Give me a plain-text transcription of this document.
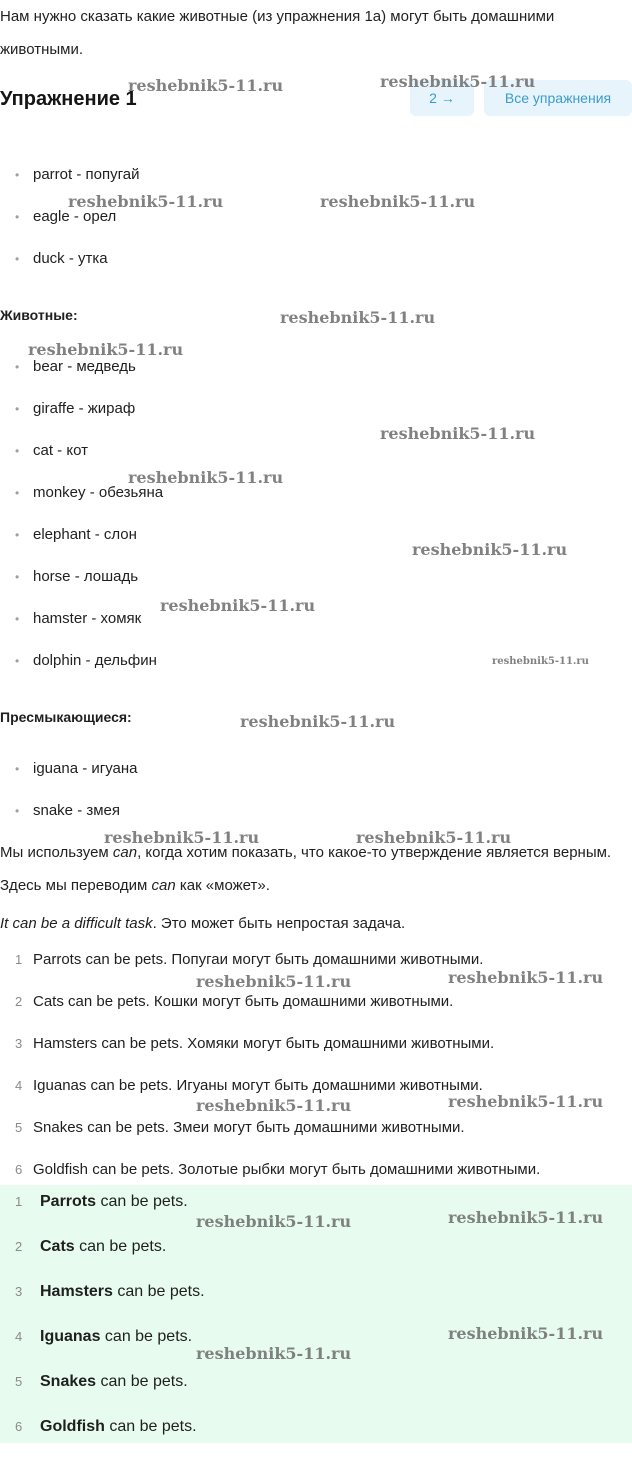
Нам нужно сказать какие животные (из упражнения 1а) могут быть домашними животными.
Упражнение 1	2 →	Все упражнения
• parrot - попугай
• eagle - орел
• duck - утка
Животные:
• bear - медведь
• giraffe - жираф
• cat - кот
• monkey - обезьяна
• elephant - слон
• horse - лошадь
• hamster - хомяк
• dolphin - дельфин
Пресмыкающиеся:
• iguana - игуана
• snake - змея
Мы используем can, когда хотим показать, что какое-то утверждение является верным. Здесь мы переводим can как «может».
It can be a difficult task. Это может быть непростая задача.
1 Parrots can be pets. Попугаи могут быть домашними животными.
2 Cats can be pets. Кошки могут быть домашними животными.
3 Hamsters can be pets. Хомяки могут быть домашними животными.
4 Iguanas can be pets. Игуаны могут быть домашними животными.
5 Snakes can be pets. Змеи могут быть домашними животными.
6 Goldfish can be pets. Золотые рыбки могут быть домашними животными.
1	Parrots can be pets.
2	Cats can be pets.
3	Hamsters can be pets.
4	Iguanas can be pets.
5	Snakes can be pets.
6	Goldfish can be pets.
reshebnik5-11.ru	reshebnik5-11.ru
reshebnik5-11.ru	reshebnik5-11.ru
reshebnik5-11.ru
reshebnik5-11.ru
reshebnik5-11.ru
reshebnik5-11.ru
reshebnik5-11.ru
reshebnik5-11.ru
reshebnik5-11.ru
reshebnik5-11.ru
reshebnik5-11.ru	reshebnik5-11.ru
reshebnik5-11.ru	reshebnik5-11.ru
reshebnik5-11.ru	reshebnik5-11.ru
reshebnik5-11.ru	reshebnik5-11.ru
reshebnik5-11.ru
reshebnik5-11.ru
